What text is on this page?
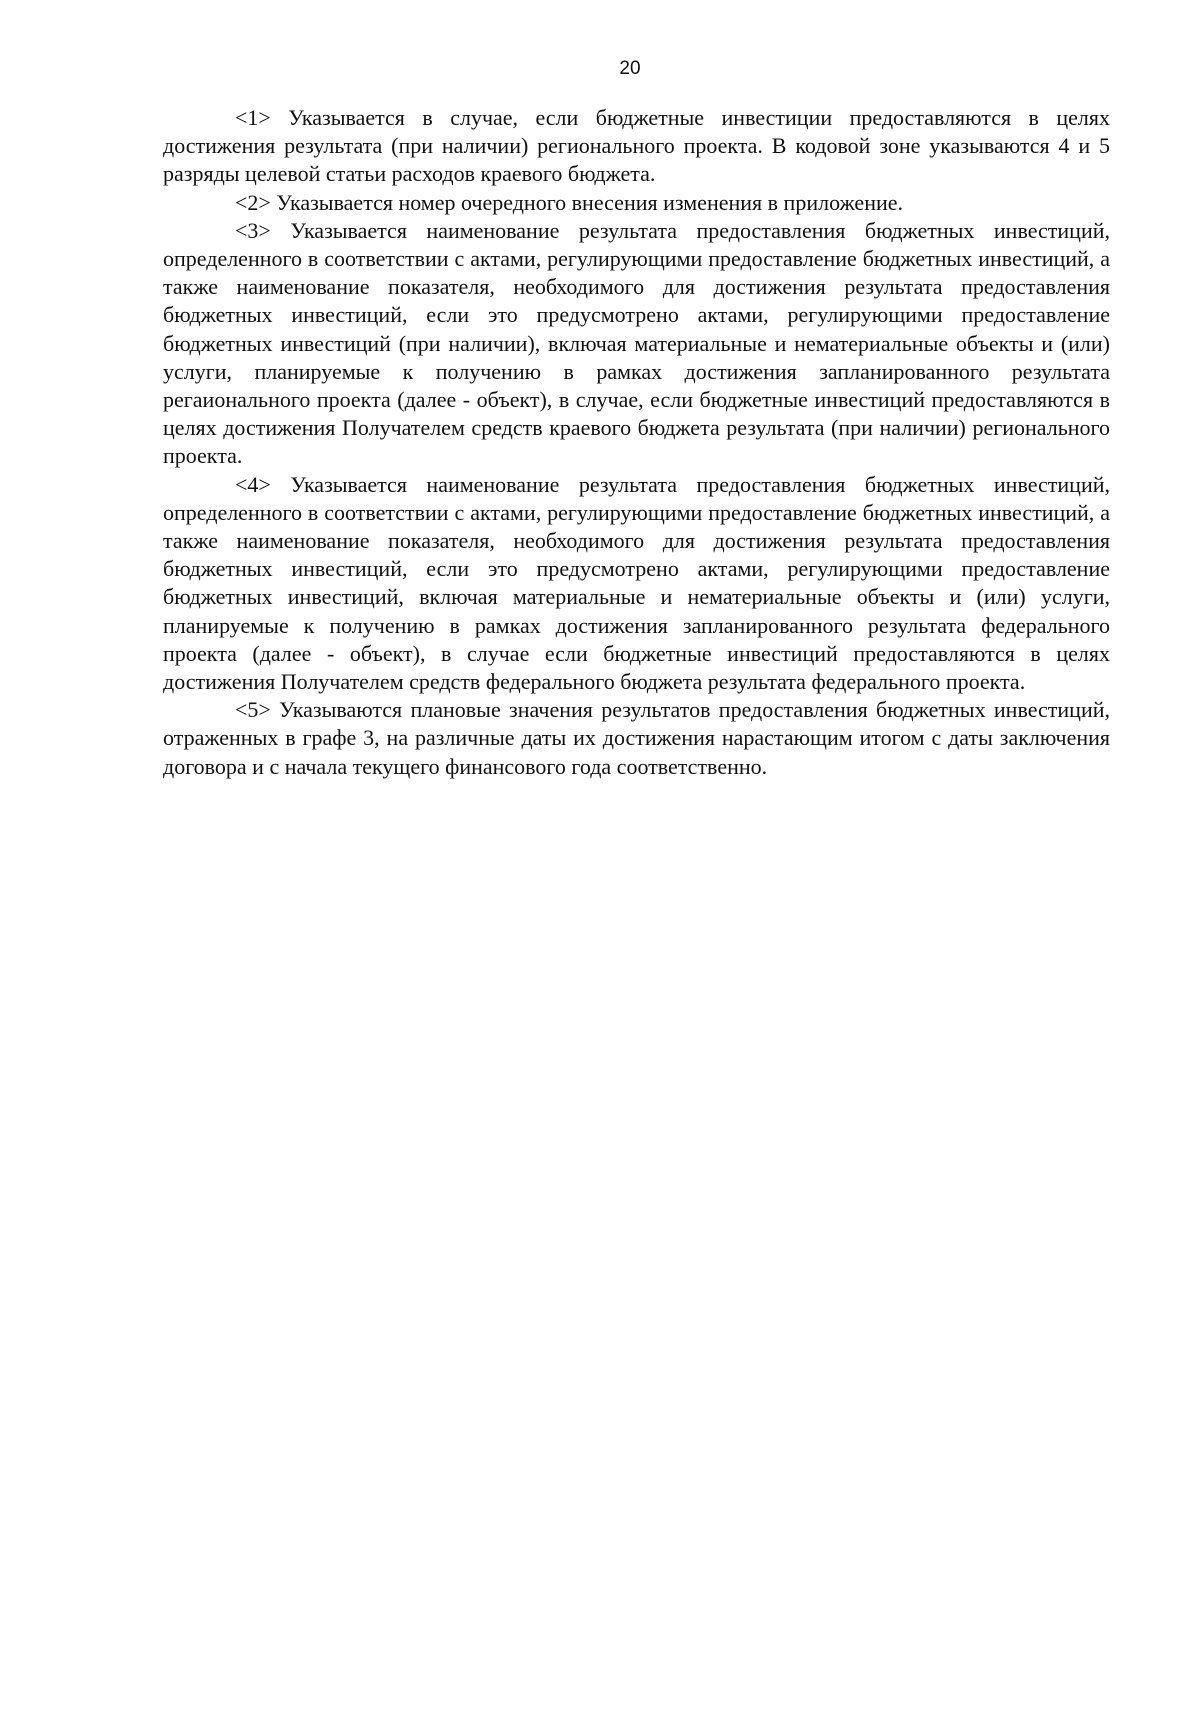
20

<1> Указывается в случае, если бюджетные инвестиции предоставляются в целях достижения результата (при наличии) регионального проекта. В кодовой зоне указываются 4 и 5 разряды целевой статьи расходов краевого бюджета.

<2> Указывается номер очередного внесения изменения в приложение.

<3> Указывается наименование результата предоставления бюджетных инвестиций, определенного в соответствии с актами, регулирующими предоставление бюджетных инвестиций, а также наименование показателя, необходимого для достижения результата предоставления бюджетных инвестиций, если это предусмотрено актами, регулирующими предоставление бюджетных инвестиций (при наличии), включая материальные и нематериальные объекты и (или) услуги, планируемые к получению в рамках достижения запланированного результата регаионального проекта (далее - объект), в случае, если бюджетные инвестиций предоставляются в целях достижения Получателем средств краевого бюджета результата (при наличии) регионального проекта.

<4> Указывается наименование результата предоставления бюджетных инвестиций, определенного в соответствии с актами, регулирующими предоставление бюджетных инвестиций, а также наименование показателя, необходимого для достижения результата предоставления бюджетных инвестиций, если это предусмотрено актами, регулирующими предоставление бюджетных инвестиций, включая материальные и нематериальные объекты и (или) услуги, планируемые к получению в рамках достижения запланированного результата федерального проекта (далее - объект), в случае если бюджетные инвестиций предоставляются в целях достижения Получателем средств федерального бюджета результата федерального проекта.

<5> Указываются плановые значения результатов предоставления бюджетных инвестиций, отраженных в графе 3, на различные даты их достижения нарастающим итогом с даты заключения договора и с начала текущего финансового года соответственно.
